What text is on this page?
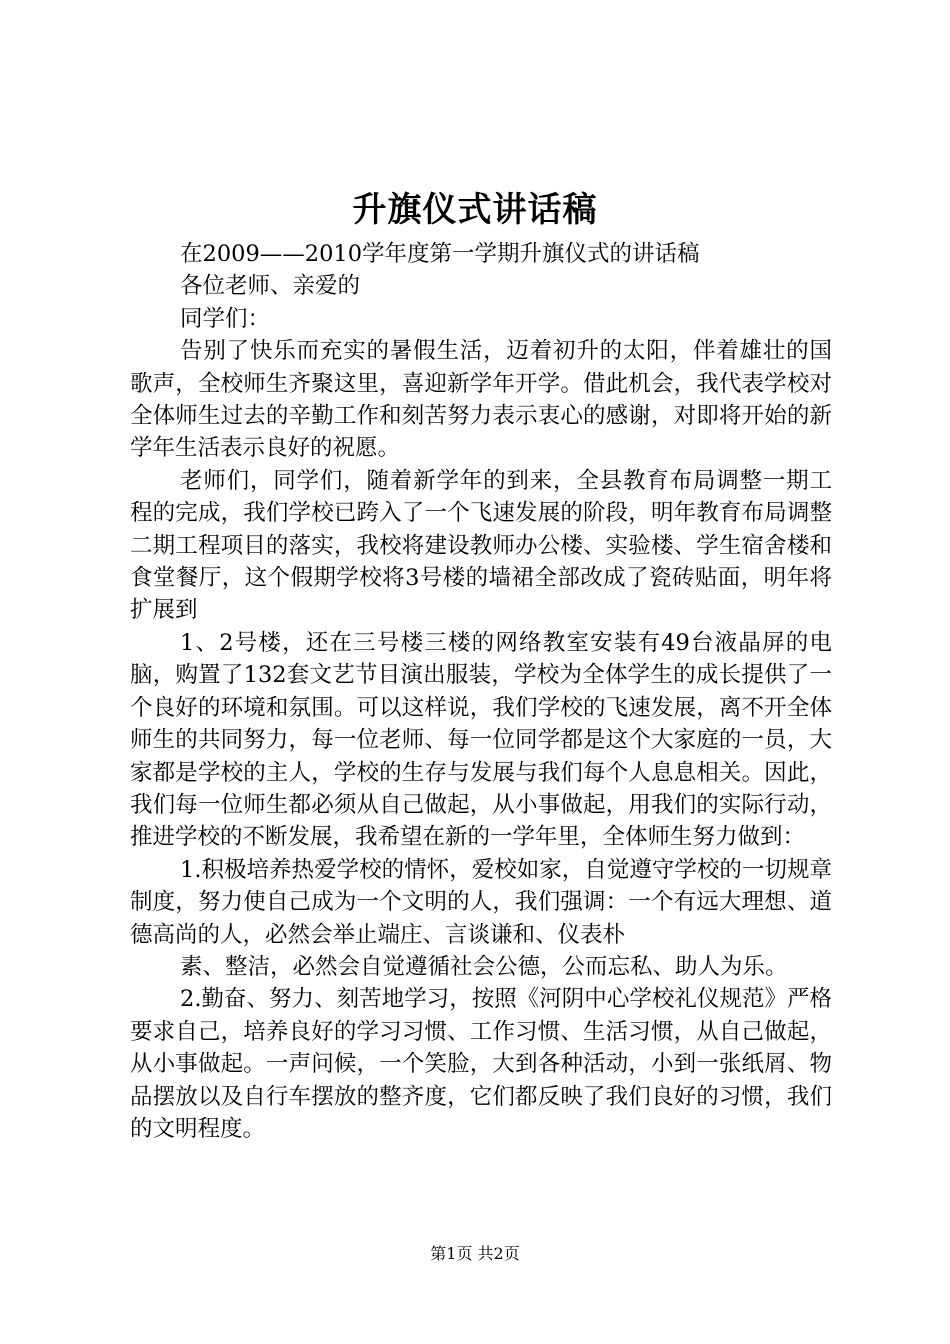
升旗仪式讲话稿

在2009——2010学年度第一学期升旗仪式的讲话稿

各位老师、亲爱的

同学们：

告别了快乐而充实的暑假生活，迈着初升的太阳，伴着雄壮的国歌声，全校师生齐聚这里，喜迎新学年开学。借此机会，我代表学校对全体师生过去的辛勤工作和刻苦努力表示衷心的感谢，对即将开始的新学年生活表示良好的祝愿。

老师们，同学们，随着新学年的到来，全县教育布局调整一期工程的完成，我们学校已跨入了一个飞速发展的阶段，明年教育布局调整二期工程项目的落实，我校将建设教师办公楼、实验楼、学生宿舍楼和食堂餐厅，这个假期学校将3号楼的墙裙全部改成了瓷砖贴面，明年将扩展到

1、2号楼，还在三号楼三楼的网络教室安装有49台液晶屏的电脑，购置了132套文艺节目演出服装，学校为全体学生的成长提供了一个良好的环境和氛围。可以这样说，我们学校的飞速发展，离不开全体师生的共同努力，每一位老师、每一位同学都是这个大家庭的一员，大家都是学校的主人，学校的生存与发展与我们每个人息息相关。因此，我们每一位师生都必须从自己做起，从小事做起，用我们的实际行动，推进学校的不断发展，我希望在新的一学年里，全体师生努力做到：

1.积极培养热爱学校的情怀，爱校如家，自觉遵守学校的一切规章制度，努力使自己成为一个文明的人，我们强调：一个有远大理想、道德高尚的人，必然会举止端庄、言谈谦和、仪表朴

素、整洁，必然会自觉遵循社会公德，公而忘私、助人为乐。

2.勤奋、努力、刻苦地学习，按照《河阴中心学校礼仪规范》严格要求自己，培养良好的学习习惯、工作习惯、生活习惯，从自己做起，从小事做起。一声问候，一个笑脸，大到各种活动，小到一张纸屑、物品摆放以及自行车摆放的整齐度，它们都反映了我们良好的习惯，我们的文明程度。

第1页 共2页
